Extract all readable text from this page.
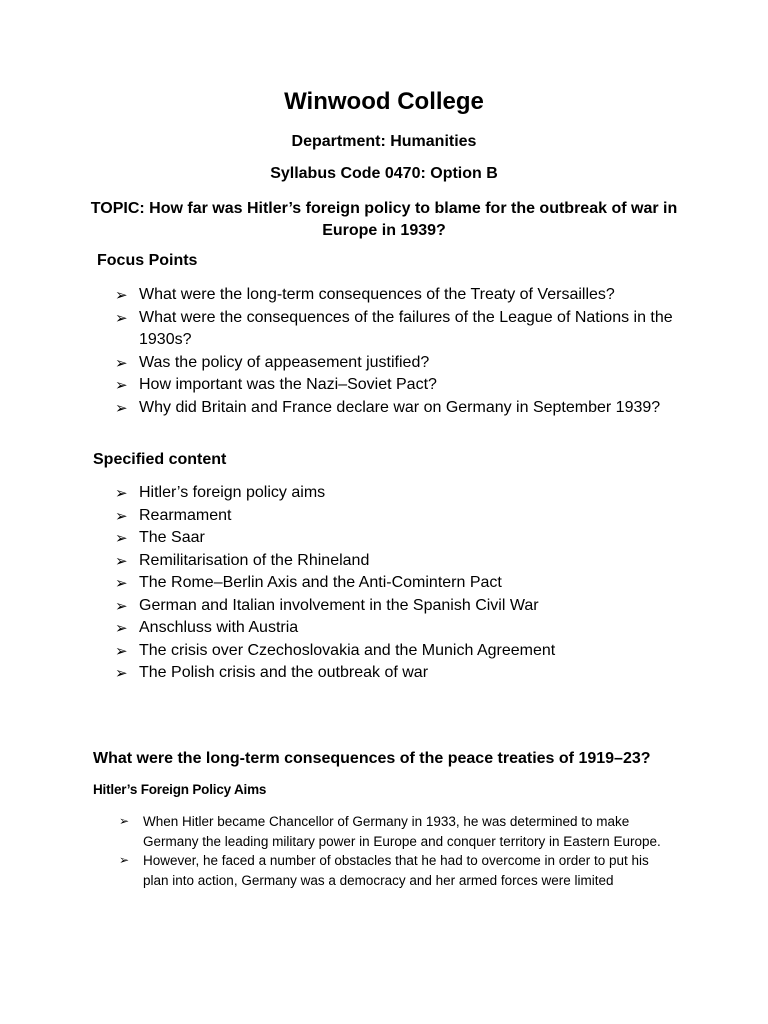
Winwood College
Department: Humanities
Syllabus Code 0470: Option B
TOPIC: How far was Hitler’s foreign policy to blame for the outbreak of war in Europe in 1939?
Focus Points
➢ What were the long-term consequences of the Treaty of Versailles?
➢ What were the consequences of the failures of the League of Nations in the 1930s?
➢ Was the policy of appeasement justified?
➢ How important was the Nazi–Soviet Pact?
➢ Why did Britain and France declare war on Germany in September 1939?
Specified content
➢ Hitler’s foreign policy aims
➢ Rearmament
➢ The Saar
➢ Remilitarisation of the Rhineland
➢ The Rome–Berlin Axis and the Anti-Comintern Pact
➢ German and Italian involvement in the Spanish Civil War
➢ Anschluss with Austria
➢ The crisis over Czechoslovakia and the Munich Agreement
➢ The Polish crisis and the outbreak of war
What were the long-term consequences of the peace treaties of 1919–23?
Hitler’s Foreign Policy Aims
➢ When Hitler became Chancellor of Germany in 1933, he was determined to make Germany the leading military power in Europe and conquer territory in Eastern Europe.
➢ However, he faced a number of obstacles that he had to overcome in order to put his plan into action, Germany was a democracy and her armed forces were limited
